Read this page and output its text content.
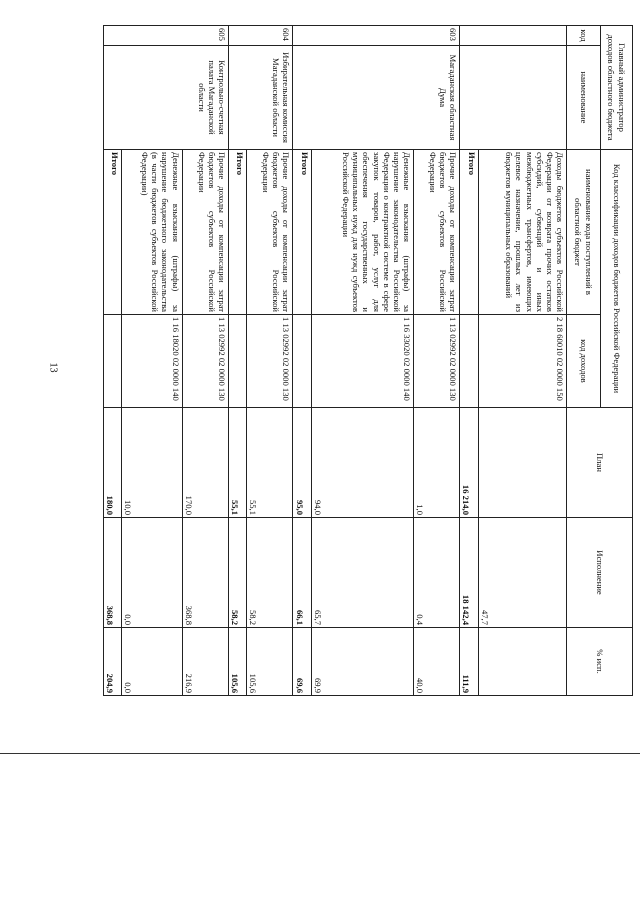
13
Главный администратор доходов областного бюджета		Код классификации доходов бюджетов Российской Федерации		План	Исполнение	% исп.
код	наименование	наименование кода поступлений в областной бюджет	код доходов			
		Доходы бюджетов субъектов Российской Федерации от возврата прочих остатков субсидий, субвенций и иных межбюджетных трансфертов, имеющих целевое назначение, прошлых лет из бюджетов муниципальных образований	2 18 60010 02 0000 150		47,7	
		Итого		16 214,0	18 142,4	111,9
603	Магаданская областная Дума	Прочие доходы от компенсации затрат бюджетов субъектов Российской Федерации	1 13 02992 02 0000 130	1,0	0,4	40,0
		Денежные взыскания (штрафы) за нарушение законодательства Российской Федерации о контрактной системе в сфере закупок товаров, работ, услуг для обеспечения государственных и муниципальных нужд для нужд субъектов Российской Федерации	1 16 33020 02 0000 140	94,0	65,7	69,9
		Итого		95,0	66,1	69,6
604	Избирательная комиссия Магаданской области	Прочие доходы от компенсации затрат бюджетов субъектов Российской Федерации	1 13 02992 02 0000 130	55,1	58,2	105,6
		Итого		55,1	58,2	105,6
605	Контрольно-счетная палата Магаданской области	Прочие доходы от компенсации затрат бюджетов субъектов Российской Федерации	1 13 02992 02 0000 130	170,0	368,8	216,9
		Денежные взыскания (штрафы) за нарушение бюджетного законодательства (в части бюджетов субъектов Российской Федерации)	1 16 18020 02 0000 140	10,0	0,0	0,0
		Итого		180,0	368,8	204,9
